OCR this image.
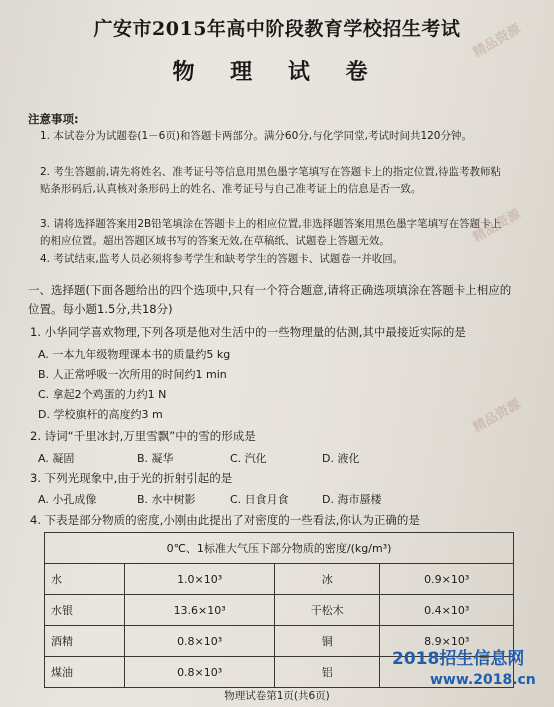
广安市2015年高中阶段教育学校招生考试
物 理 试 卷
注意事项:
1. 本试卷分为试题卷(1－6页)和答题卡两部分。满分60分,与化学同堂,考试时间共120分钟。
2. 考生答题前,请先将姓名、准考证号等信息用黑色墨字笔填写在答题卡上的指定位置,待监考教师粘贴条形码后,认真核对条形码上的姓名、准考证号与自己准考证上的信息是否一致。
3. 请将选择题答案用2B铅笔填涂在答题卡上的相应位置,非选择题答案用黑色墨字笔填写在答题卡上的相应位置。超出答题区域书写的答案无效,在草稿纸、试题卷上答题无效。
4. 考试结束,监考人员必须将参考学生和缺考学生的答题卡、试题卷一并收回。
一、选择题(下面各题给出的四个选项中,只有一个符合题意,请将正确选项填涂在答题卡上相应的位置。每小题1.5分,共18分)
1. 小华同学喜欢物理,下列各项是他对生活中的一些物理量的估测,其中最接近实际的是
A. 一本九年级物理课本书的质量约5 kg
B. 人正常呼吸一次所用的时间约1 min
C. 拿起2个鸡蛋的力约1 N
D. 学校旗杆的高度约3 m
2. 诗词“千里冰封,万里雪飘”中的雪的形成是
A. 凝固	B. 凝华	C. 汽化	D. 液化
3. 下列光现象中,由于光的折射引起的是
A. 小孔成像	B. 水中树影	C. 日食月食	D. 海市蜃楼
4. 下表是部分物质的密度,小刚由此提出了对密度的一些看法,你认为正确的是
0℃、1标准大气压下部分物质的密度/(kg/m³)			
水	1.0×10³	冰	0.9×10³
水银	13.6×10³	干松木	0.4×10³
酒精	0.8×10³	铜	8.9×10³
煤油	0.8×10³	铝	
物理试卷第1页(共6页)
精品资源
精品资源
精品资源
2018招生信息网
www.2018.cn
